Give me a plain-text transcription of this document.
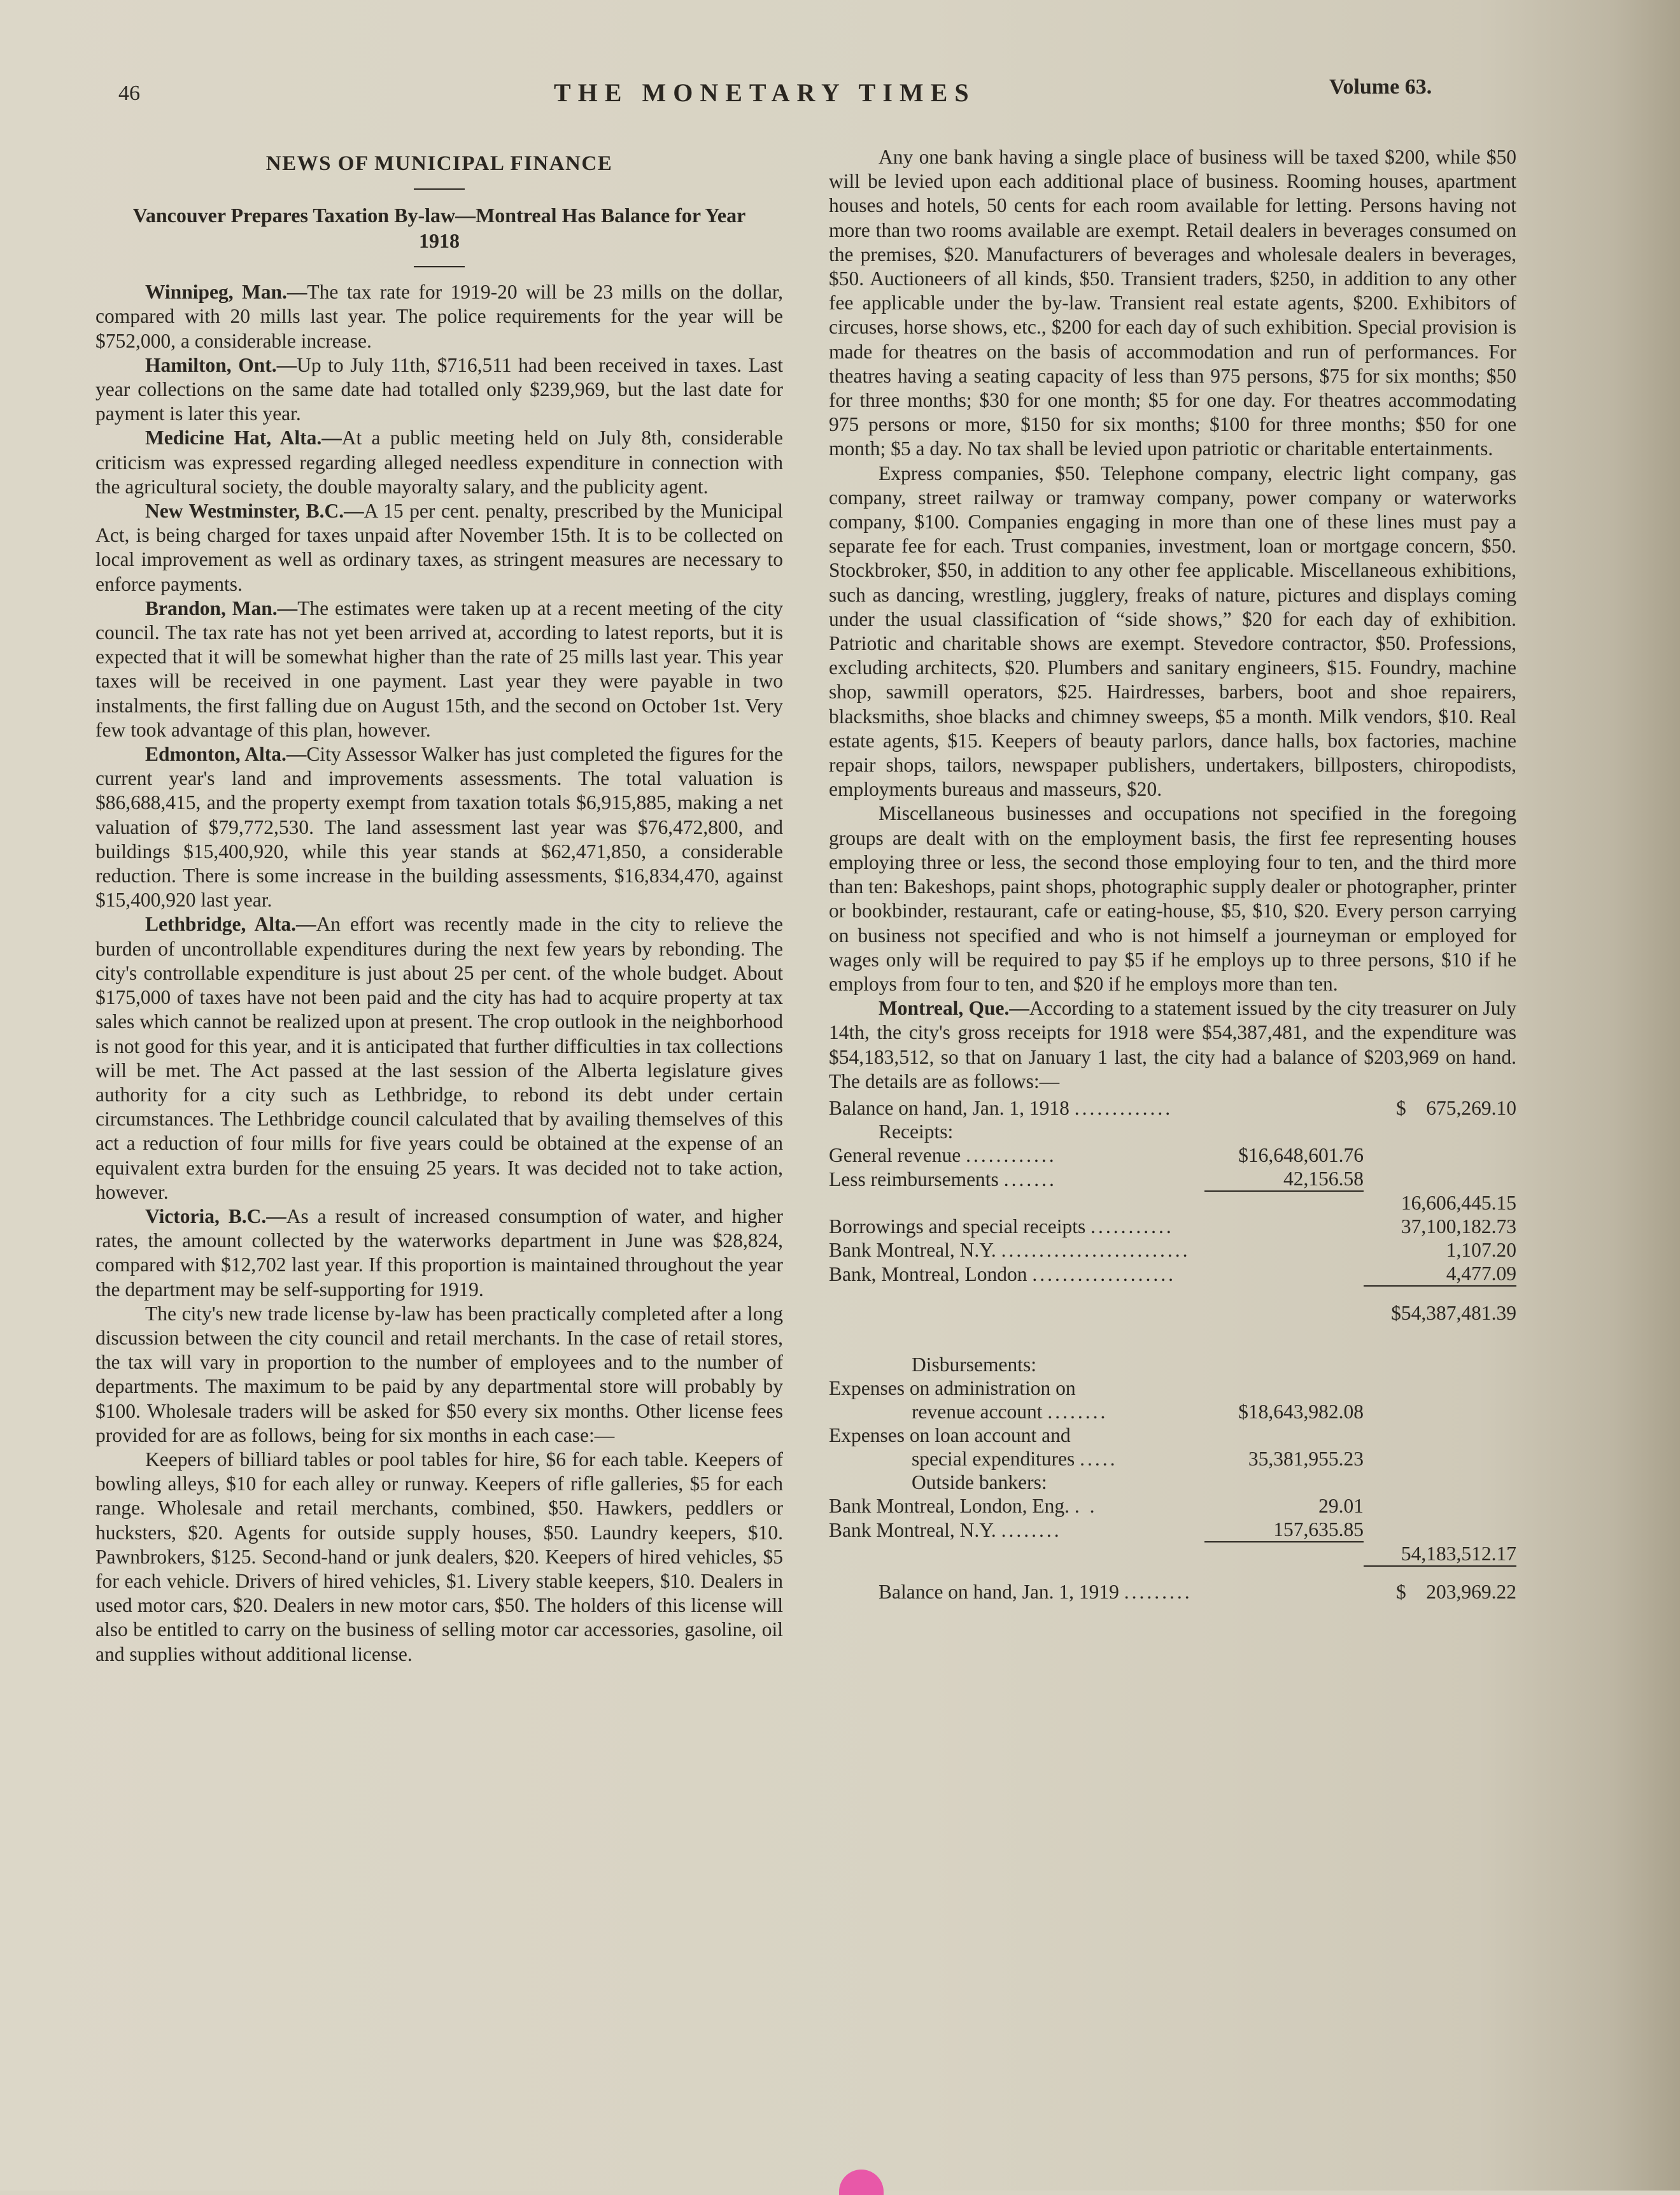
46	THE MONETARY TIMES	Volume 63.
NEWS OF MUNICIPAL FINANCE
Vancouver Prepares Taxation By-law—Montreal Has Balance for Year 1918

Winnipeg, Man.—The tax rate for 1919-20 will be 23 mills on the dollar, compared with 20 mills last year. The police requirements for the year will be $752,000, a considerable increase.

Hamilton, Ont.—Up to July 11th, $716,511 had been received in taxes. Last year collections on the same date had totalled only $239,969, but the last date for payment is later this year.

Medicine Hat, Alta.—At a public meeting held on July 8th, considerable criticism was expressed regarding alleged needless expenditure in connection with the agricultural society, the double mayoralty salary, and the publicity agent.

New Westminster, B.C.—A 15 per cent. penalty, prescribed by the Municipal Act, is being charged for taxes unpaid after November 15th. It is to be collected on local improvement as well as ordinary taxes, as stringent measures are necessary to enforce payments.

Brandon, Man.—The estimates were taken up at a recent meeting of the city council. The tax rate has not yet been arrived at, according to latest reports, but it is expected that it will be somewhat higher than the rate of 25 mills last year. This year taxes will be received in one payment. Last year they were payable in two instalments, the first falling due on August 15th, and the second on October 1st. Very few took advantage of this plan, however.

Edmonton, Alta.—City Assessor Walker has just completed the figures for the current year's land and improvements assessments. The total valuation is $86,688,415, and the property exempt from taxation totals $6,915,885, making a net valuation of $79,772,530. The land assessment last year was $76,472,800, and buildings $15,400,920, while this year stands at $62,471,850, a considerable reduction. There is some increase in the building assessments, $16,834,470, against $15,400,920 last year.

Lethbridge, Alta.—An effort was recently made in the city to relieve the burden of uncontrollable expenditures during the next few years by rebonding. The city's controllable expenditure is just about 25 per cent. of the whole budget. About $175,000 of taxes have not been paid and the city has had to acquire property at tax sales which cannot be realized upon at present. The crop outlook in the neighborhood is not good for this year, and it is anticipated that further difficulties in tax collections will be met. The Act passed at the last session of the Alberta legislature gives authority for a city such as Lethbridge, to rebond its debt under certain circumstances. The Lethbridge council calculated that by availing themselves of this act a reduction of four mills for five years could be obtained at the expense of an equivalent extra burden for the ensuing 25 years. It was decided not to take action, however.

Victoria, B.C.—As a result of increased consumption of water, and higher rates, the amount collected by the waterworks department in June was $28,824, compared with $12,702 last year. If this proportion is maintained throughout the year the department may be self-supporting for 1919.

The city's new trade license by-law has been practically completed after a long discussion between the city council and retail merchants. In the case of retail stores, the tax will vary in proportion to the number of employees and to the number of departments. The maximum to be paid by any departmental store will probably by $100. Wholesale traders will be asked for $50 every six months. Other license fees provided for are as follows, being for six months in each case:—

Keepers of billiard tables or pool tables for hire, $6 for each table. Keepers of bowling alleys, $10 for each alley or runway. Keepers of rifle galleries, $5 for each range. Wholesale and retail merchants, combined, $50. Hawkers, peddlers or hucksters, $20. Agents for outside supply houses, $50. Laundry keepers, $10. Pawnbrokers, $125. Second-hand or junk dealers, $20. Keepers of hired vehicles, $5 for each vehicle. Drivers of hired vehicles, $1. Livery stable keepers, $10. Dealers in used motor cars, $20. Dealers in new motor cars, $50. The holders of this license will also be entitled to carry on the business of selling motor car accessories, gasoline, oil and supplies without additional license.

Any one bank having a single place of business will be taxed $200, while $50 will be levied upon each additional place of business. Rooming houses, apartment houses and hotels, 50 cents for each room available for letting. Persons having not more than two rooms available are exempt. Retail dealers in beverages consumed on the premises, $20. Manufacturers of beverages and wholesale dealers in beverages, $50. Auctioneers of all kinds, $50. Transient traders, $250, in addition to any other fee applicable under the by-law. Transient real estate agents, $200. Exhibitors of circuses, horse shows, etc., $200 for each day of such exhibition. Special provision is made for theatres on the basis of accommodation and run of performances. For theatres having a seating capacity of less than 975 persons, $75 for six months; $50 for three months; $30 for one month; $5 for one day. For theatres accommodating 975 persons or more, $150 for six months; $100 for three months; $50 for one month; $5 a day. No tax shall be levied upon patriotic or charitable entertainments.

Express companies, $50. Telephone company, electric light company, gas company, street railway or tramway company, power company or waterworks company, $100. Companies engaging in more than one of these lines must pay a separate fee for each. Trust companies, investment, loan or mortgage concern, $50. Stockbroker, $50, in addition to any other fee applicable. Miscellaneous exhibitions, such as dancing, wrestling, jugglery, freaks of nature, pictures and displays coming under the usual classification of “side shows,” $20 for each day of exhibition. Patriotic and charitable shows are exempt. Stevedore contractor, $50. Professions, excluding architects, $20. Plumbers and sanitary engineers, $15. Foundry, machine shop, sawmill operators, $25. Hairdresses, barbers, boot and shoe repairers, blacksmiths, shoe blacks and chimney sweeps, $5 a month. Milk vendors, $10. Real estate agents, $15. Keepers of beauty parlors, dance halls, box factories, machine repair shops, tailors, newspaper publishers, undertakers, billposters, chiropodists, employments bureaus and masseurs, $20.

Miscellaneous businesses and occupations not specified in the foregoing groups are dealt with on the employment basis, the first fee representing houses employing three or less, the second those employing four to ten, and the third more than ten: Bakeshops, paint shops, photographic supply dealer or photographer, printer or bookbinder, restaurant, cafe or eating-house, $5, $10, $20. Every person carrying on business not specified and who is not himself a journeyman or employed for wages only will be required to pay $5 if he employs up to three persons, $10 if he employs from four to ten, and $20 if he employs more than ten.

Montreal, Que.—According to a statement issued by the city treasurer on July 14th, the city's gross receipts for 1918 were $54,387,481, and the expenditure was $54,183,512, so that on January 1 last, the city had a balance of $203,969 on hand. The details are as follows:—

Balance on hand, Jan. 1, 1918 .............		$ 675,269.10
Receipts:		
General revenue ............	$16,648,601.76	
Less reimbursements .......	42,156.58	
		16,606,445.15
Borrowings and special receipts ...........		37,100,182.73
Bank Montreal, N.Y. .........................		1,107.20
Bank, Montreal, London ...................		4,477.09

		$54,387,481.39

Disbursements:		
Expenses on administration on		
revenue account ........	$18,643,982.08	
Expenses on loan account and		
special expenditures .....	35,381,955.23	
Outside bankers:		
Bank Montreal, London, Eng. . .	29.01	
Bank Montreal, N.Y. ........	157,635.85	
		54,183,512.17

Balance on hand, Jan. 1, 1919 .........		$ 203,969.22
